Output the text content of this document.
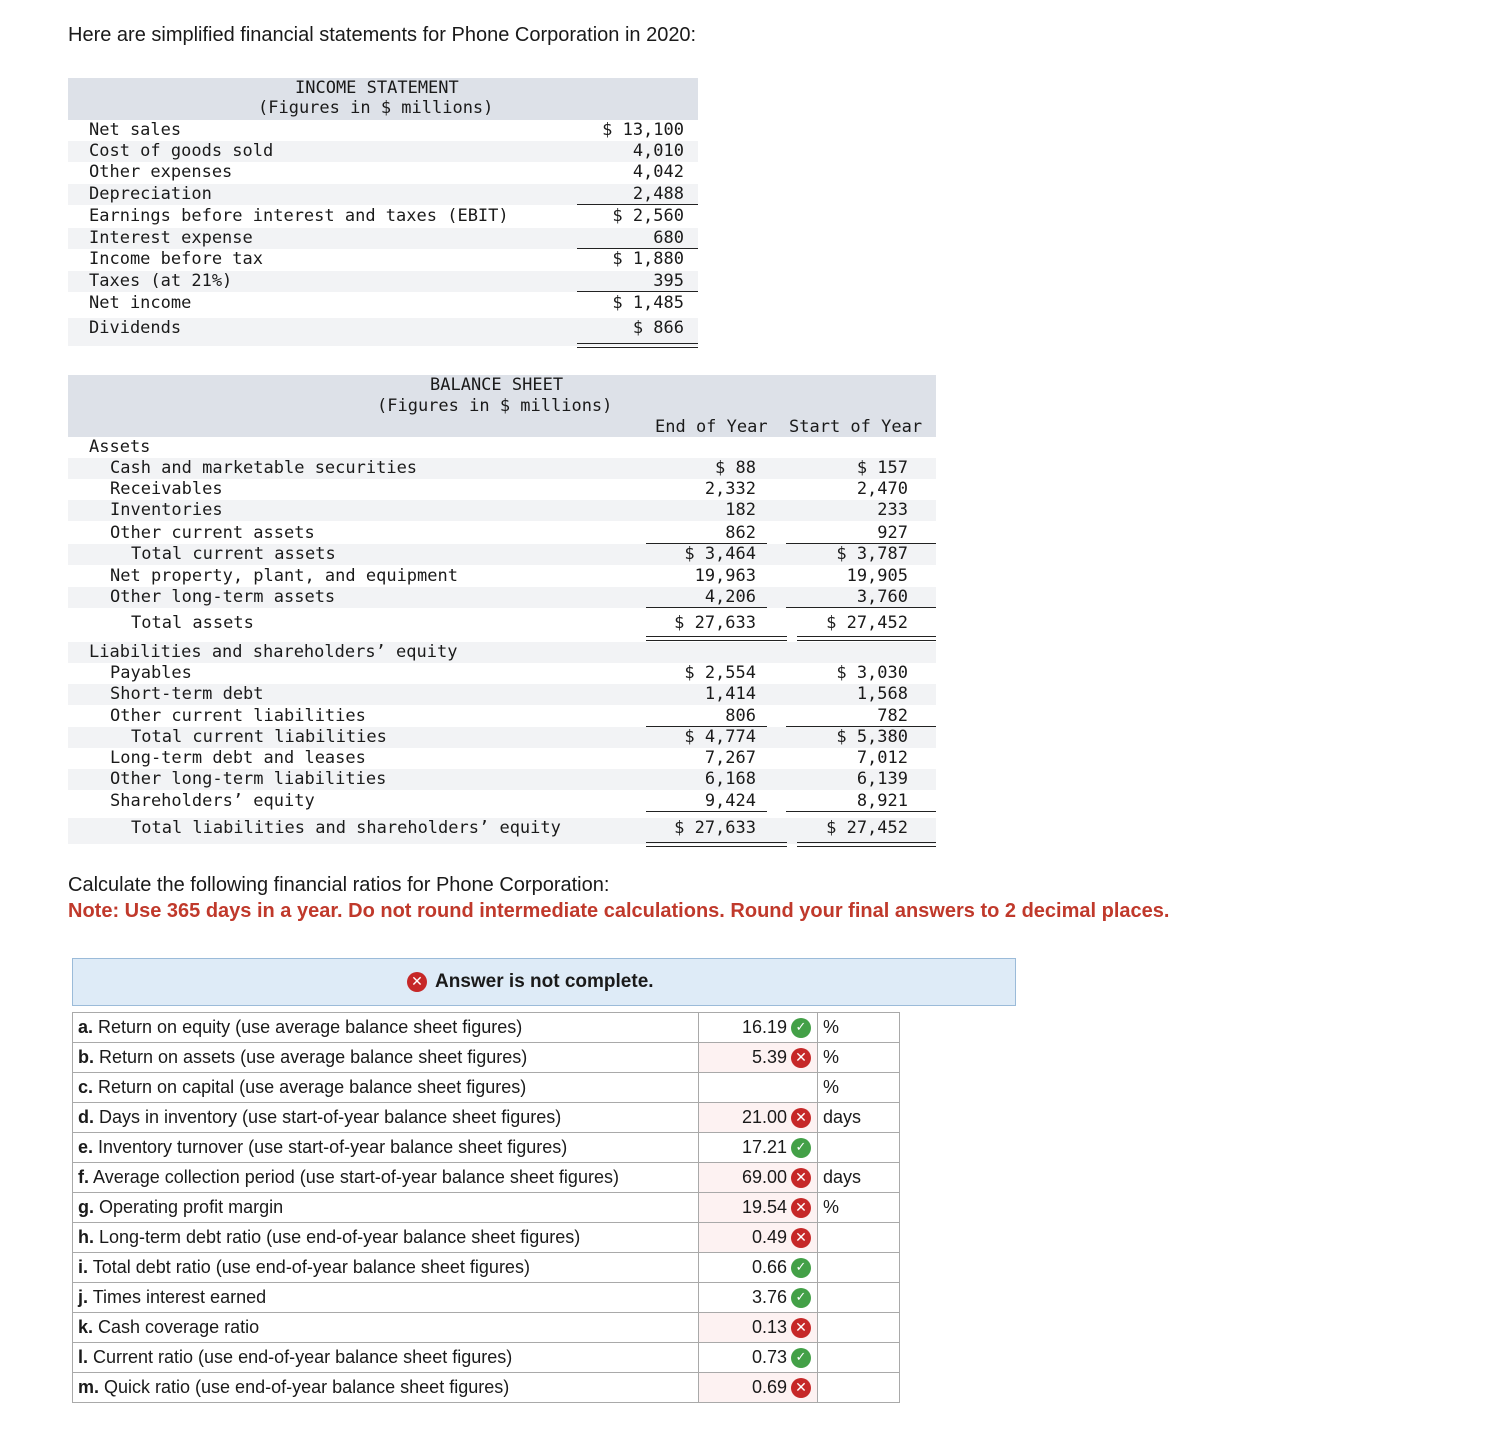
Here are simplified financial statements for Phone Corporation in 2020:
INCOME STATEMENT
(Figures in $ millions)
Net sales	$ 13,100
Cost of goods sold	4,010
Other expenses	4,042
Depreciation	2,488
Earnings before interest and taxes (EBIT)	$ 2,560
Interest expense	680
Income before tax	$ 1,880
Taxes (at 21%)	395
Net income	$ 1,485
Dividends	$ 866
BALANCE SHEET
(Figures in $ millions)
End of Year Start of Year
Assets
Cash and marketable securities	$ 88	$ 157
Receivables	2,332	2,470
Inventories	182	233
Other current assets	862	927
Total current assets	$ 3,464	$ 3,787
Net property, plant, and equipment	19,963	19,905
Other long-term assets	4,206	3,760
Total assets	$ 27,633	$ 27,452
Liabilities and shareholders’ equity
Payables	$ 2,554	$ 3,030
Short-term debt	1,414	1,568
Other current liabilities	806	782
Total current liabilities	$ 4,774	$ 5,380
Long-term debt and leases	7,267	7,012
Other long-term liabilities	6,168	6,139
Shareholders’ equity	9,424	8,921
Total liabilities and shareholders’ equity	$ 27,633	$ 27,452
Calculate the following financial ratios for Phone Corporation:
Note: Use 365 days in a year. Do not round intermediate calculations. Round your final answers to 2 decimal places.
✕ Answer is not complete.
a. Return on equity (use average balance sheet figures)	16.19 ✓	%
b. Return on assets (use average balance sheet figures)	5.39 ✕	%
c. Return on capital (use average balance sheet figures)		%
d. Days in inventory (use start-of-year balance sheet figures)	21.00 ✕	days
e. Inventory turnover (use start-of-year balance sheet figures)	17.21 ✓	

f. Average collection period (use start-of-year balance sheet figures)	69.00 ✕	days
g. Operating profit margin	19.54 ✕	%
h. Long-term debt ratio (use end-of-year balance sheet figures)	0.49 ✕	

i. Total debt ratio (use end-of-year balance sheet figures)	0.66 ✓	

j. Times interest earned	3.76 ✓	

k. Cash coverage ratio	0.13 ✕	

l. Current ratio (use end-of-year balance sheet figures)	0.73 ✓	

m. Quick ratio (use end-of-year balance sheet figures)	0.69 ✕	
